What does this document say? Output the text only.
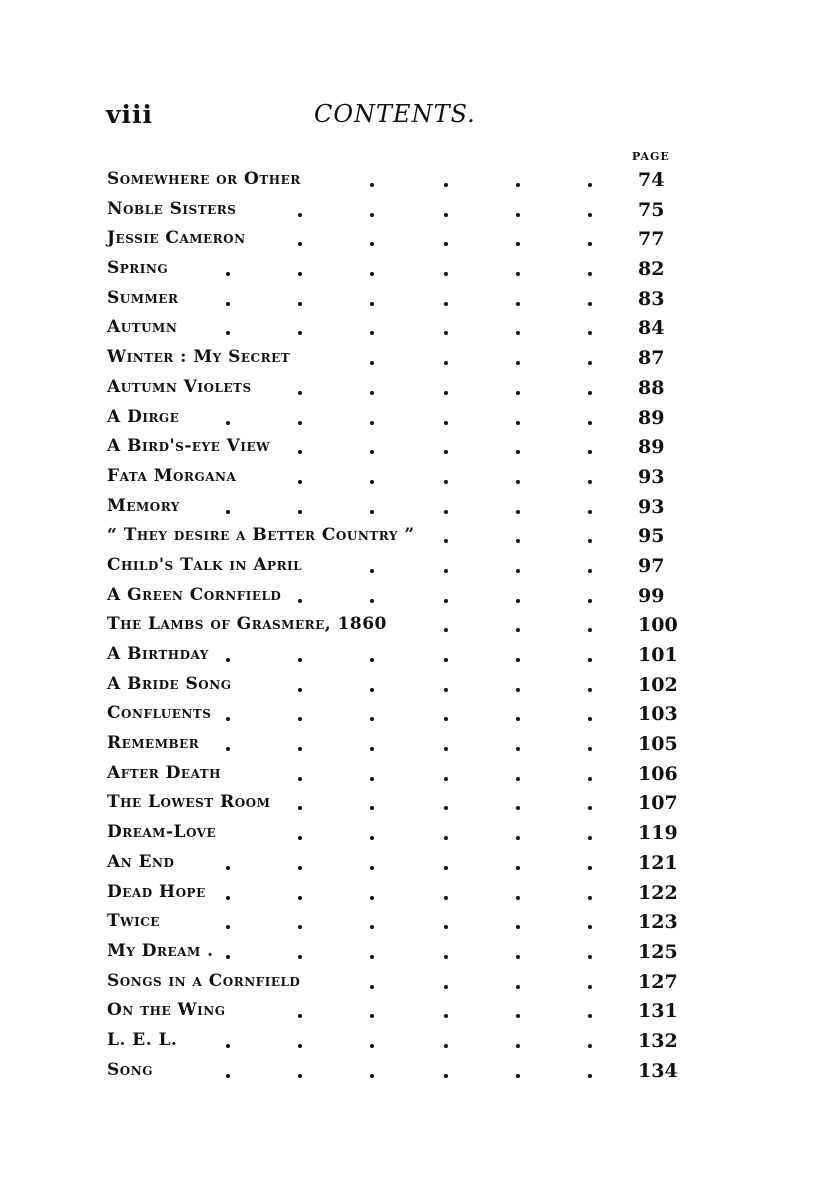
viii	CONTENTS.
PAGE
Somewhere or Other	74
Noble Sisters	75
Jessie Cameron	77
Spring	82
Summer	83
Autumn	84
Winter : My Secret	87
Autumn Violets	88
A Dirge	89
A Bird's-eye View	89
Fata Morgana	93
Memory	93
“ They desire a Better Country ”	95
Child's Talk in April	97
A Green Cornfield	99
The Lambs of Grasmere, 1860	100
A Birthday	101
A Bride Song	102
Confluents	103
Remember	105
After Death	106
The Lowest Room	107
Dream-Love	119
An End	121
Dead Hope	122
Twice	123
My Dream .	125
Songs in a Cornfield	127
On the Wing	131
L. E. L.	132
Song	134
